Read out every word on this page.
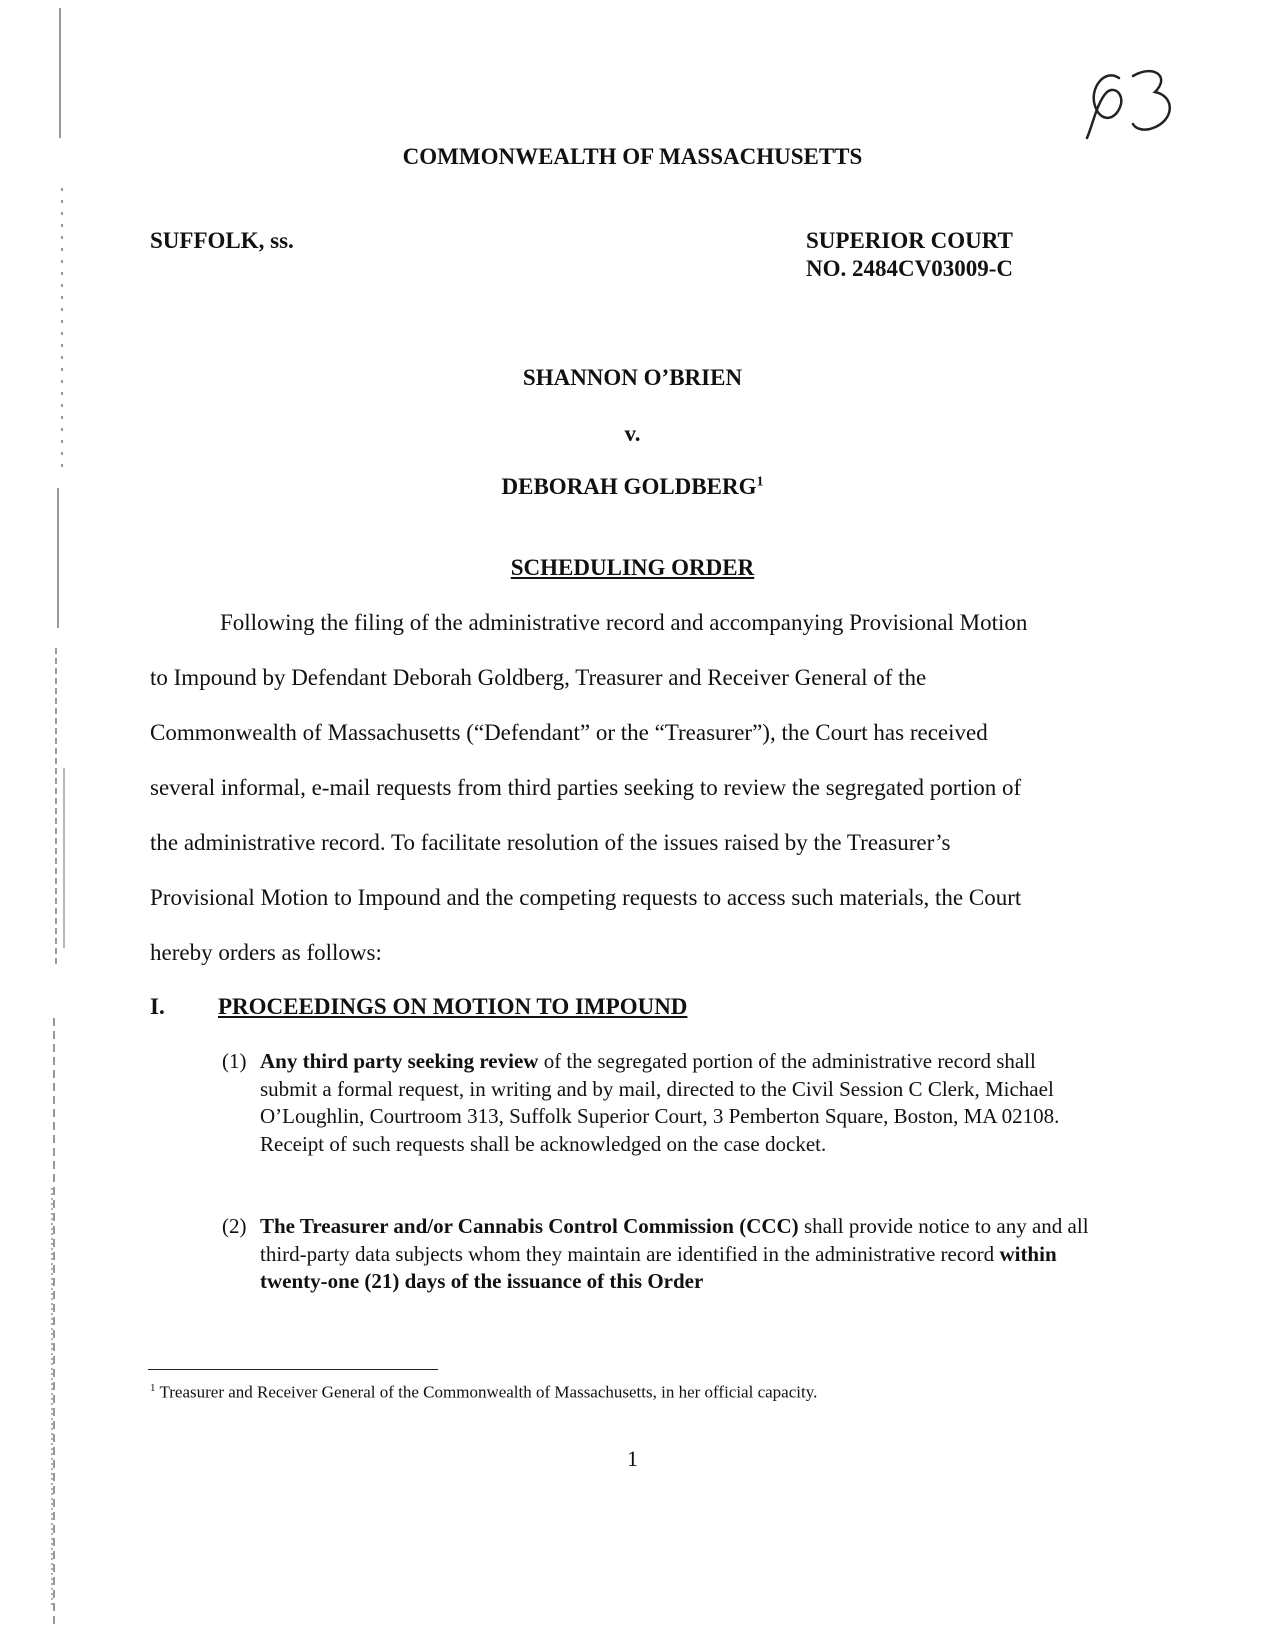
COMMONWEALTH OF MASSACHUSETTS
SUFFOLK, ss.	SUPERIOR COURT
NO. 2484CV03009-C
SHANNON O’BRIEN
v.
DEBORAH GOLDBERG$^1$
SCHEDULING ORDER
Following the filing of the administrative record and accompanying Provisional Motion
to Impound by Defendant Deborah Goldberg, Treasurer and Receiver General of the
Commonwealth of Massachusetts (“Defendant” or the “Treasurer”), the Court has received
several informal, e-mail requests from third parties seeking to review the segregated portion of
the administrative record. To facilitate resolution of the issues raised by the Treasurer’s
Provisional Motion to Impound and the competing requests to access such materials, the Court
hereby orders as follows:
I. PROCEEDINGS ON MOTION TO IMPOUND
(1) Any third party seeking review of the segregated portion of the administrative record shall submit a formal request, in writing and by mail, directed to the Civil Session C Clerk, Michael O’Loughlin, Courtroom 313, Suffolk Superior Court, 3 Pemberton Square, Boston, MA 02108. Receipt of such requests shall be acknowledged on the case docket.
(2) The Treasurer and/or Cannabis Control Commission (CCC) shall provide notice to any and all third-party data subjects whom they maintain are identified in the administrative record within twenty-one (21) days of the issuance of this Order
$^1$ Treasurer and Receiver General of the Commonwealth of Massachusetts, in her official capacity.
1
